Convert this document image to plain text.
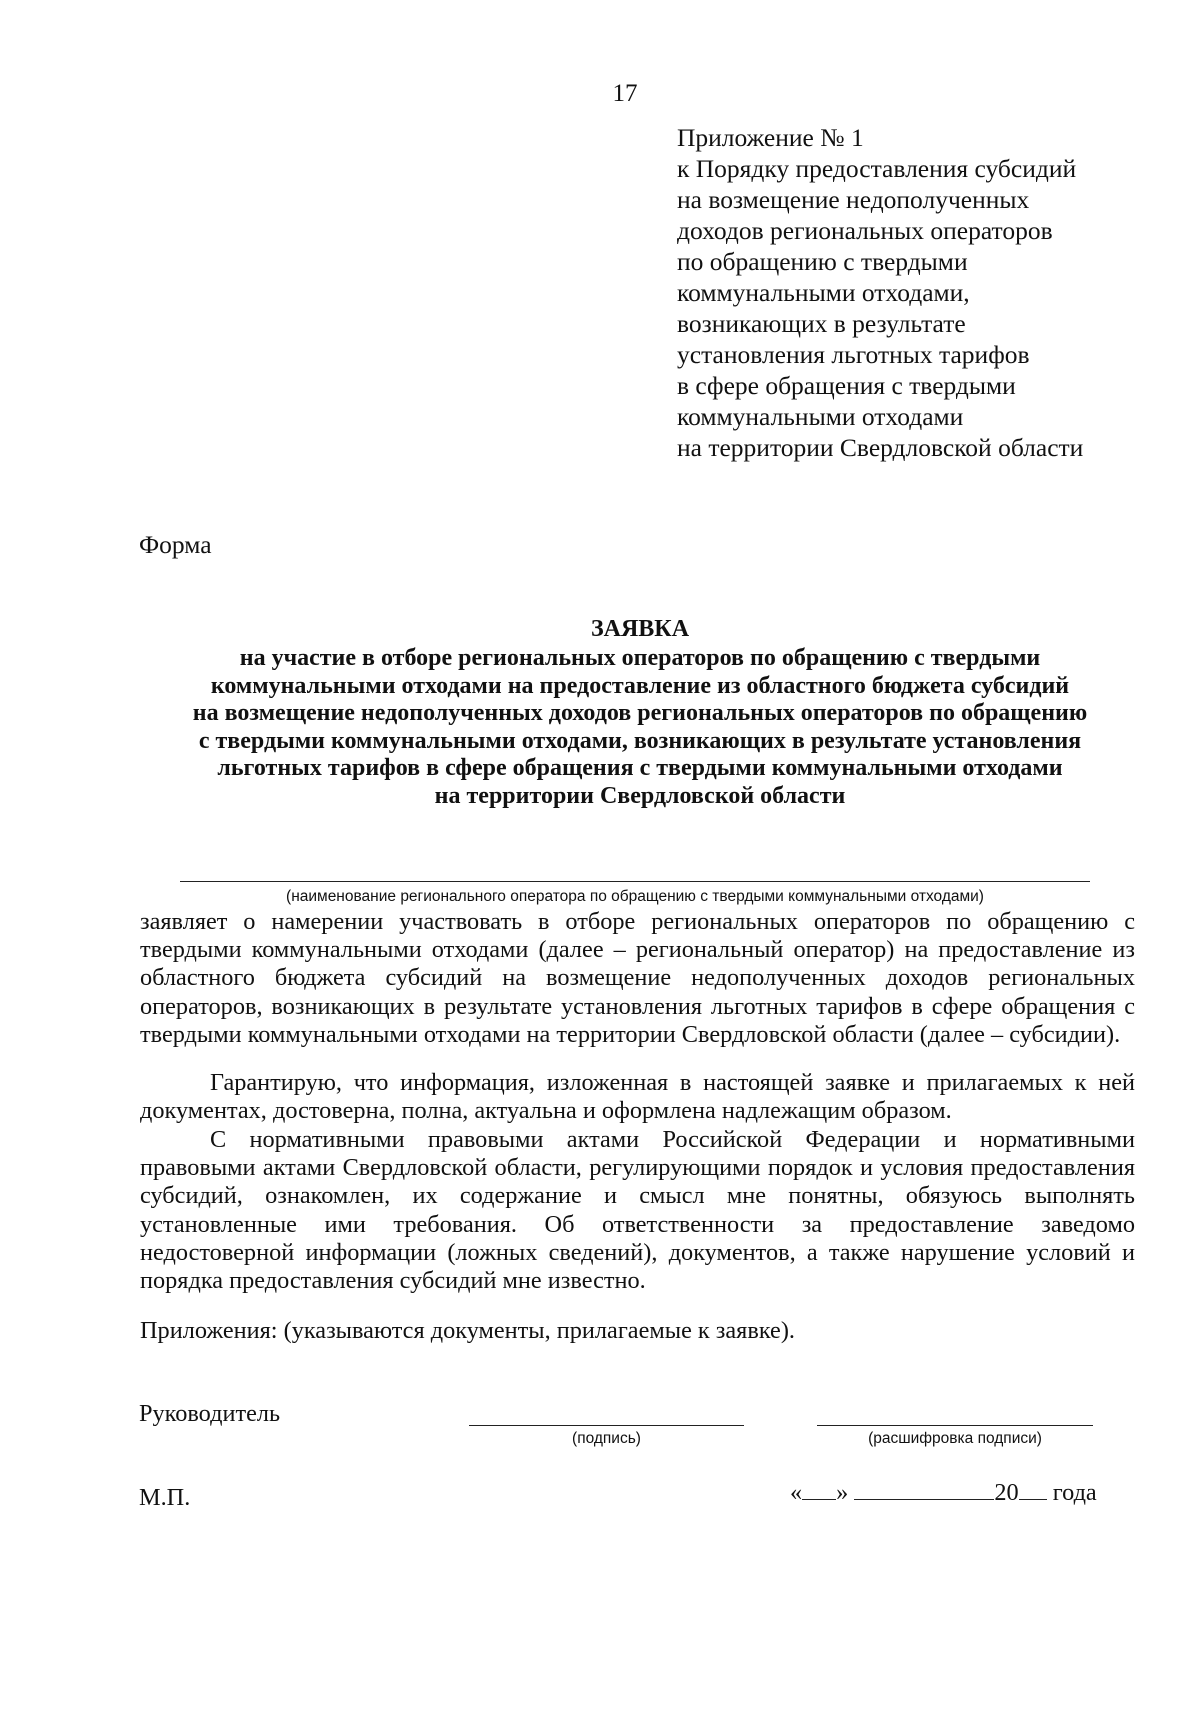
17
Приложение № 1
к Порядку предоставления субсидий
на возмещение недополученных
доходов региональных операторов
по обращению с твердыми
коммунальными отходами,
возникающих в результате
установления льготных тарифов
в сфере обращения с твердыми
коммунальными отходами
на территории Свердловской области
Форма
ЗАЯВКА
на участие в отборе региональных операторов по обращению с твердыми
коммунальными отходами на предоставление из областного бюджета субсидий
на возмещение недополученных доходов региональных операторов по обращению
с твердыми коммунальными отходами, возникающих в результате установления
льготных тарифов в сфере обращения с твердыми коммунальными отходами
на территории Свердловской области
(наименование регионального оператора по обращению с твердыми коммунальными отходами)
заявляет о намерении участвовать в отборе региональных операторов по обращению с твердыми коммунальными отходами (далее – региональный оператор) на предоставление из областного бюджета субсидий на возмещение недополученных доходов региональных операторов, возникающих в результате установления льготных тарифов в сфере обращения с твердыми коммунальными отходами на территории Свердловской области (далее – субсидии).
Гарантирую, что информация, изложенная в настоящей заявке и прилагаемых к ней документах, достоверна, полна, актуальна и оформлена надлежащим образом.
С нормативными правовыми актами Российской Федерации и нормативными правовыми актами Свердловской области, регулирующими порядок и условия предоставления субсидий, ознакомлен, их содержание и смысл мне понятны, обязуюсь выполнять установленные ими требования. Об ответственности за предоставление заведомо недостоверной информации (ложных сведений), документов, а также нарушение условий и порядка предоставления субсидий мне известно.
Приложения: (указываются документы, прилагаемые к заявке).
Руководитель
(подпись)	(расшифровка подписи)
М.П.	« »	20 года
